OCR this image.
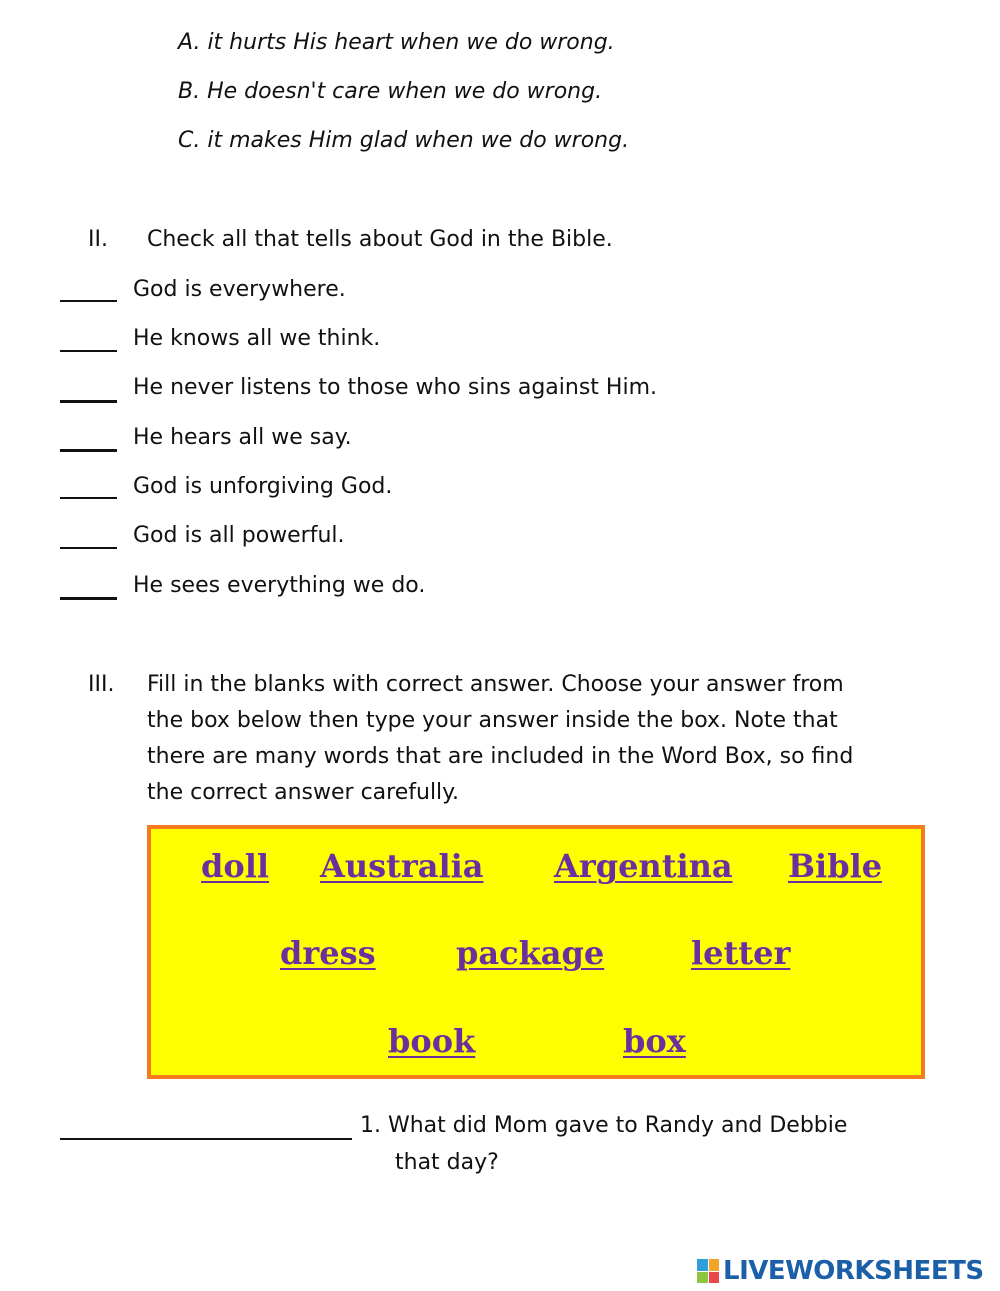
A. it hurts His heart when we do wrong.
B. He doesn't care when we do wrong.
C. it makes Him glad when we do wrong.
II. Check all that tells about God in the Bible.
God is everywhere.
He knows all we think.
He never listens to those who sins against Him.
He hears all we say.
God is unforgiving God.
God is all powerful.
He sees everything we do.
III. Fill in the blanks with correct answer. Choose your answer from
the box below then type your answer inside the box. Note that
there are many words that are included in the Word Box, so find
the correct answer carefully.
doll Australia Argentina Bible
dress	package	letter
book	box
1. What did Mom gave to Randy and Debbie
that day?
LIVEWORKSHEETS
